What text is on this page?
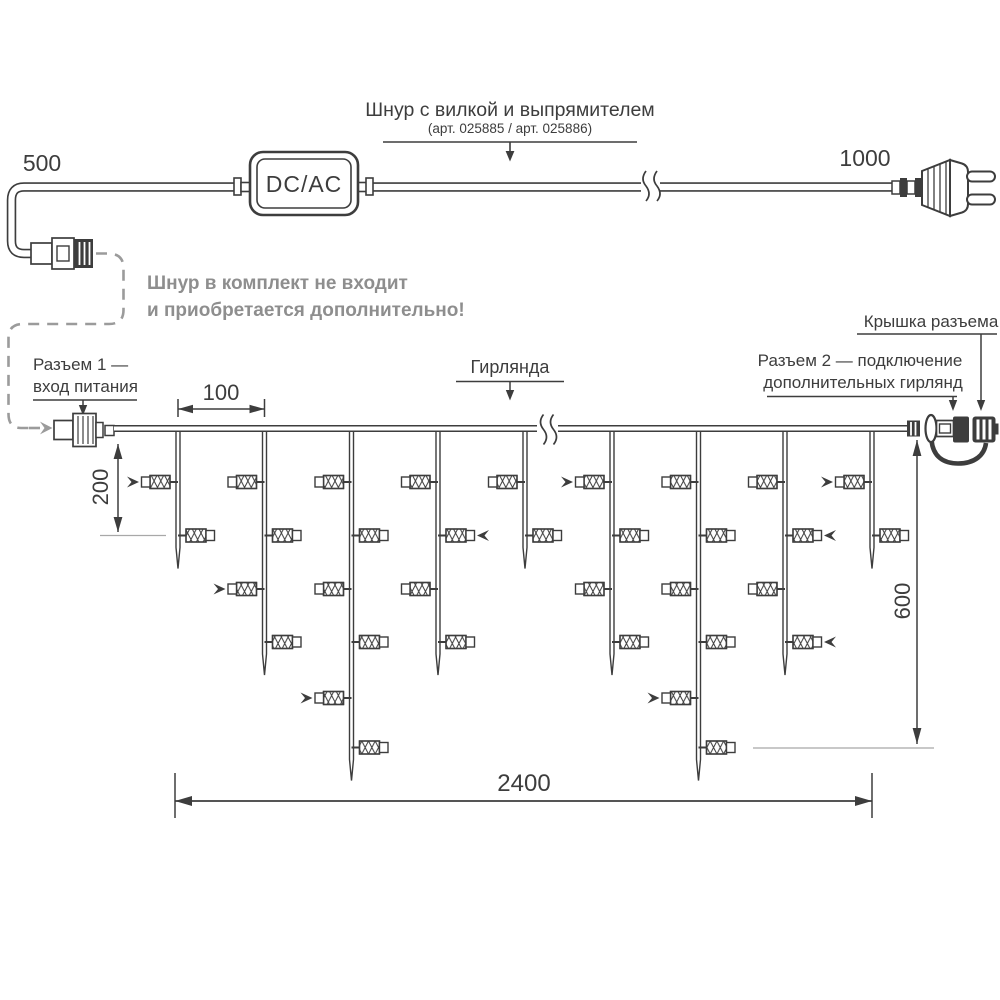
DC/AC
500	1000
Шнур с вилкой и выпрямителем
(арт. 025885 / арт. 025886)
Шнур в комплект не входит
и приобретается дополнительно!
Разъем 1 —
вход питания
Гирлянда
Крышка разъема
Разъем 2 — подключение
дополнительных гирлянд
100
200
600
2400
